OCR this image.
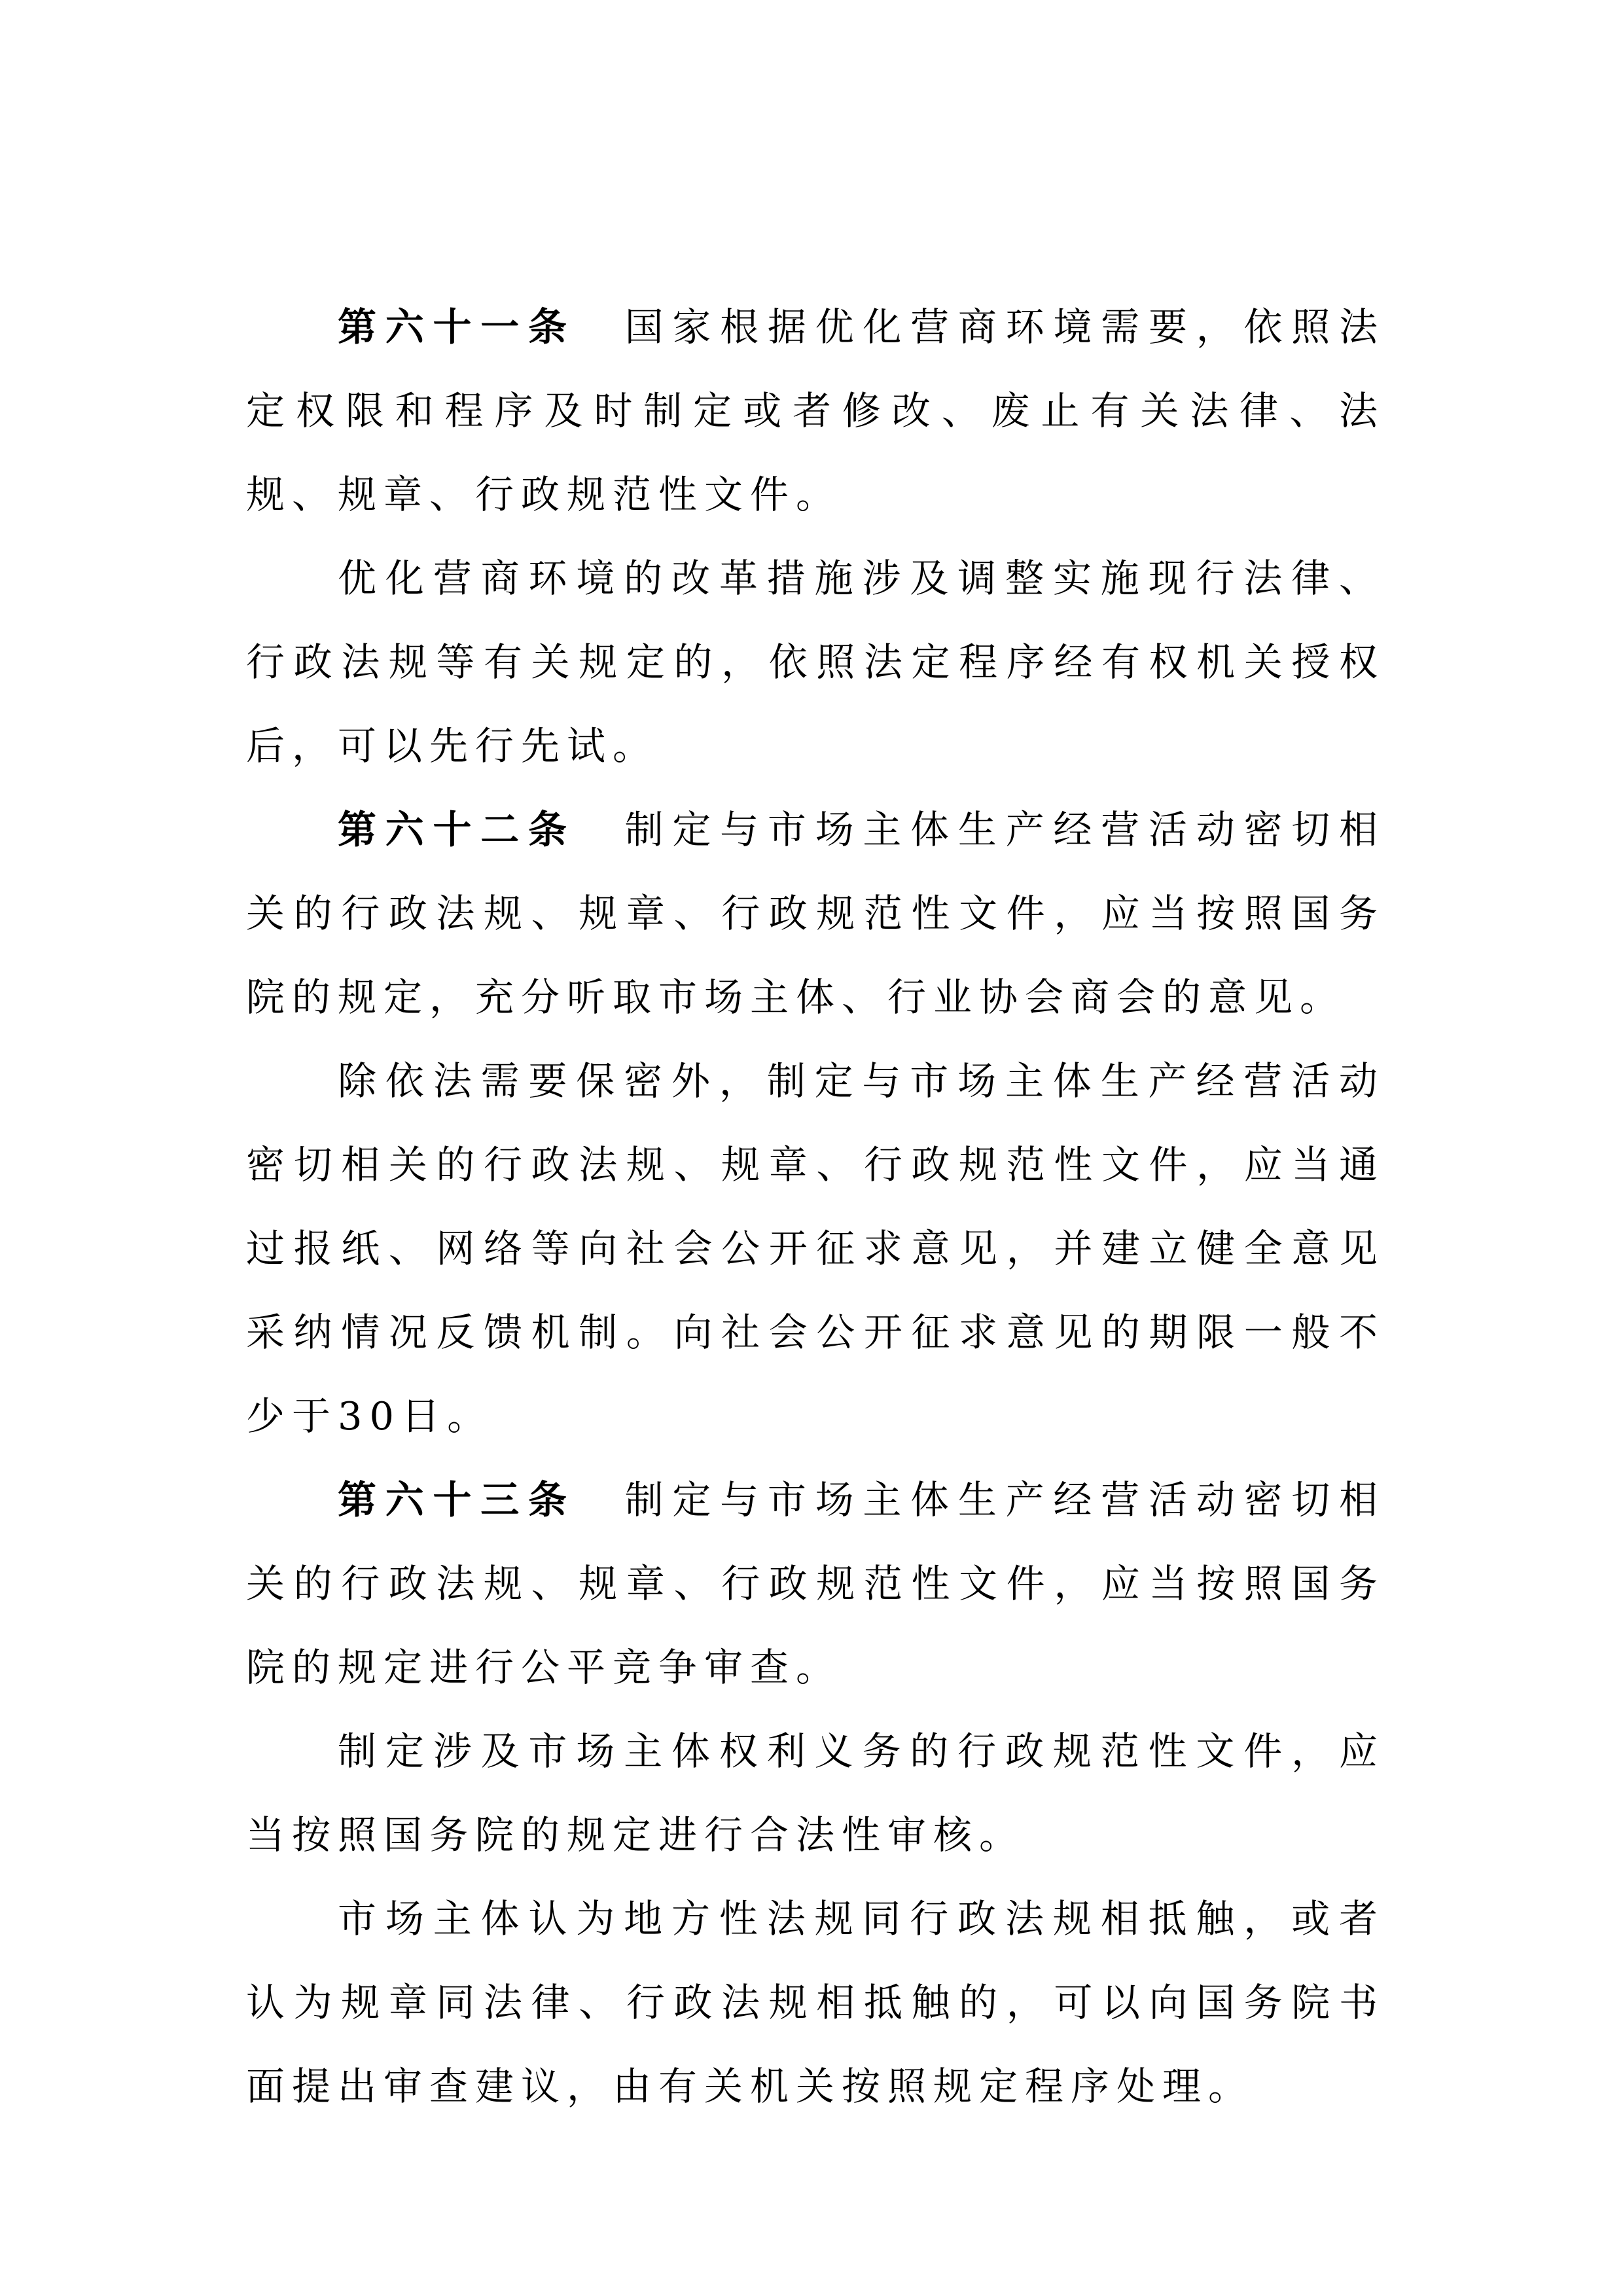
第六十一条 国家根据优化营商环境需要，依照法定权限和程序及时制定或者修改、废止有关法律、法规、规章、行政规范性文件。

优化营商环境的改革措施涉及调整实施现行法律、行政法规等有关规定的，依照法定程序经有权机关授权后，可以先行先试。

第六十二条 制定与市场主体生产经营活动密切相关的行政法规、规章、行政规范性文件，应当按照国务院的规定，充分听取市场主体、行业协会商会的意见。

除依法需要保密外，制定与市场主体生产经营活动密切相关的行政法规、规章、行政规范性文件，应当通过报纸、网络等向社会公开征求意见，并建立健全意见采纳情况反馈机制。向社会公开征求意见的期限一般不少于30日。

第六十三条 制定与市场主体生产经营活动密切相关的行政法规、规章、行政规范性文件，应当按照国务院的规定进行公平竞争审查。

制定涉及市场主体权利义务的行政规范性文件，应当按照国务院的规定进行合法性审核。

市场主体认为地方性法规同行政法规相抵触，或者认为规章同法律、行政法规相抵触的，可以向国务院书面提出审查建议，由有关机关按照规定程序处理。
